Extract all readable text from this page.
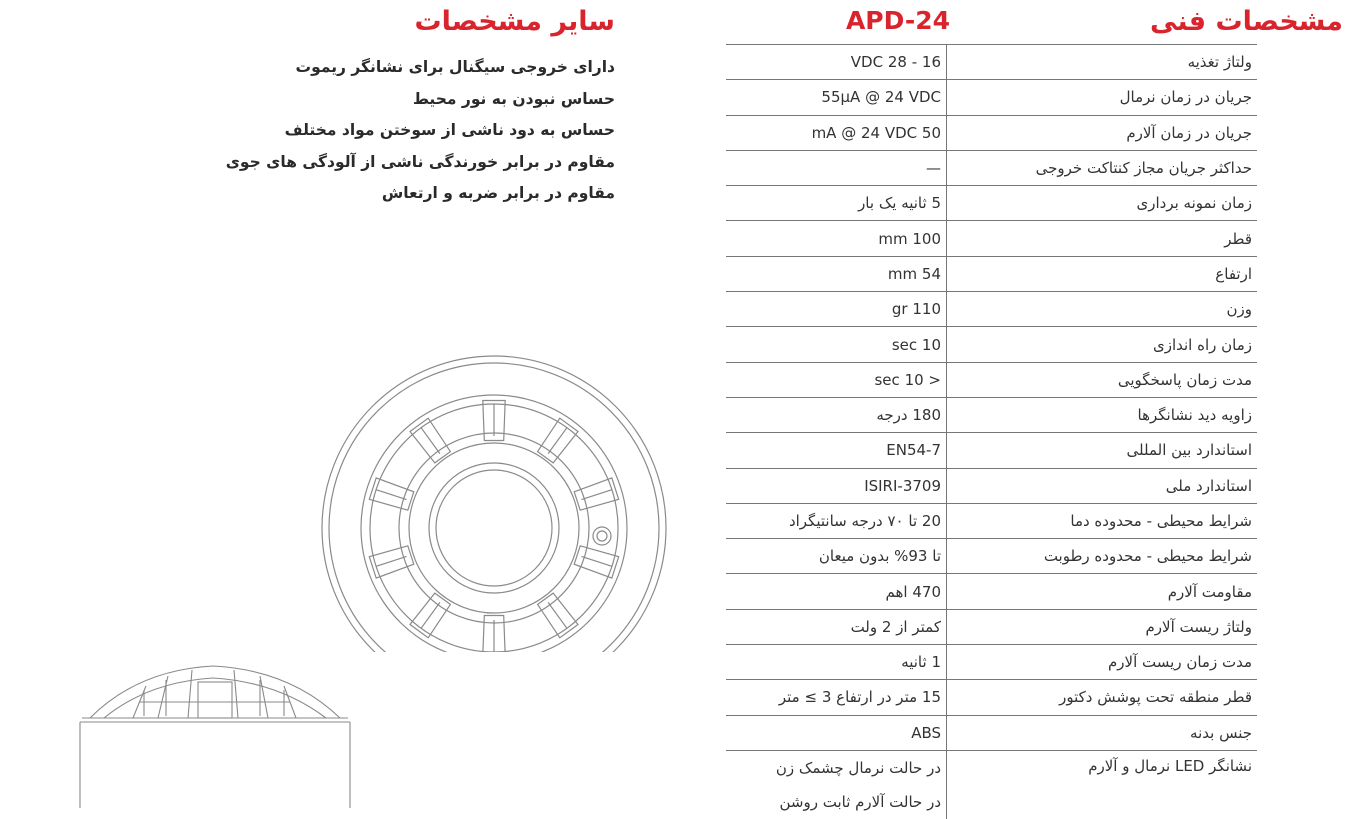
مشخصات فنی
APD-24
سایر مشخصات
16 - 28 VDC	ولتاژ تغذیه
55μA @ 24 VDC	جریان در زمان نرمال
50 mA @ 24 VDC	جریان در زمان آلارم
—	حداکثر جریان مجاز کنتاکت خروجی
5 ثانیه یک بار	زمان نمونه برداری
100 mm	قطر
54 mm	ارتفاع
110 gr	وزن
10 sec	زمان راه اندازی
< 10 sec	مدت زمان پاسخگویی
180 درجه	زاویه دید نشانگرها
EN54-7	استاندارد بین المللی
ISIRI-3709	استاندارد ملی
20 تا ۷۰ درجه سانتیگراد	شرایط محیطی - محدوده دما
تا 93% بدون میعان	شرایط محیطی - محدوده رطوبت
470 اهم	مقاومت آلارم
کمتر از 2 ولت	ولتاژ ریست آلارم
1 ثانیه	مدت زمان ریست آلارم
15 متر در ارتفاع 3 ≥ متر	قطر منطقه تحت پوشش دکتور
ABS	جنس بدنه

در حالت نرمال چشمک زن
در حالت آلارم ثابت روشن	نشانگر LED نرمال و آلارم
دارای خروجی سیگنال برای نشانگر ریموت
حساس نبودن به نور محیط
حساس به دود ناشی از سوختن مواد مختلف
مقاوم در برابر خورندگی ناشی از آلودگی های جوی
مقاوم در برابر ضربه و ارتعاش
